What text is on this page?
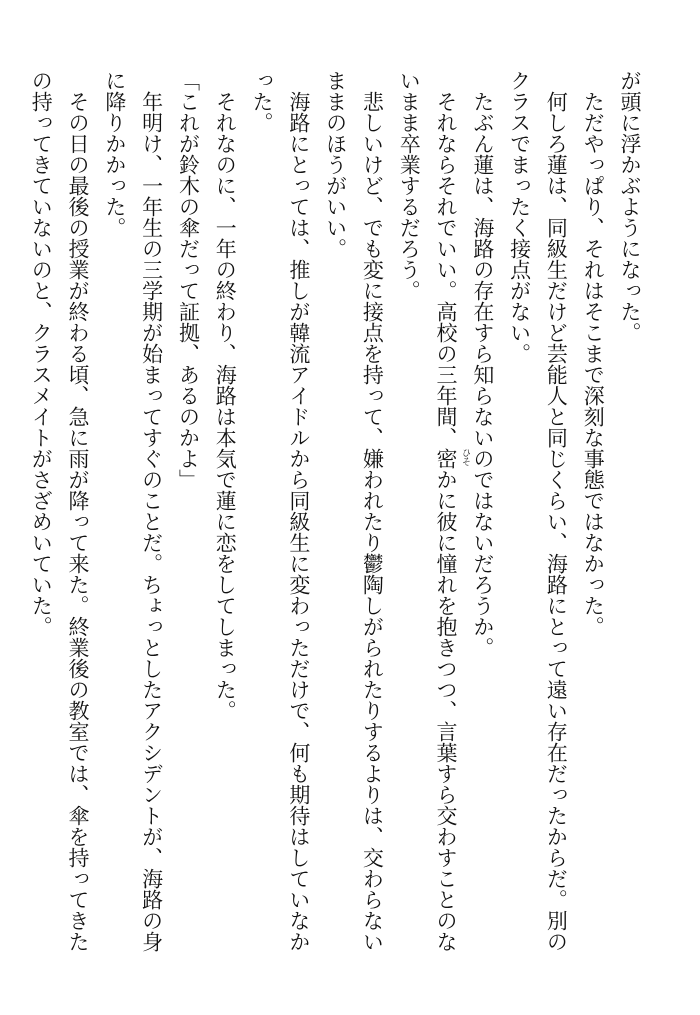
が頭に浮かぶようになった。
　ただやっぱり、それはそこまで深刻な事態ではなかった。
　何しろ蓮は、同級生だけど芸能人と同じくらい、海路にとって遠い存在だったからだ。別の
クラスでまったく接点がない。
　たぶん蓮は、海路の存在すら知らないのではないだろうか。
　それならそれでいい。高校の三年間、密 ひそ
かに彼に憧れを抱きつつ、言葉すら交わすことのな
いまま卒業するだろう。
　悲しいけど、でも変に接点を持って、嫌われたり鬱陶しがられたりするよりは、交わらない
ままのほうがいい。
　海路にとっては、推しが韓流アイドルから同級生に変わっただけで、何も期待はしていなか
った。
　それなのに、一年の終わり、海路は本気で蓮に恋をしてしまった。
「これが鈴木の傘だって証拠、あるのかよ」
　年明け、一年生の三学期が始まってすぐのことだ。ちょっとしたアクシデントが、海路の身
に降りかかった。
　その日の最後の授業が終わる頃、急に雨が降って来た。終業後の教室では、傘を持ってきた
の持ってきていないのと、クラスメイトがさざめいていた。
